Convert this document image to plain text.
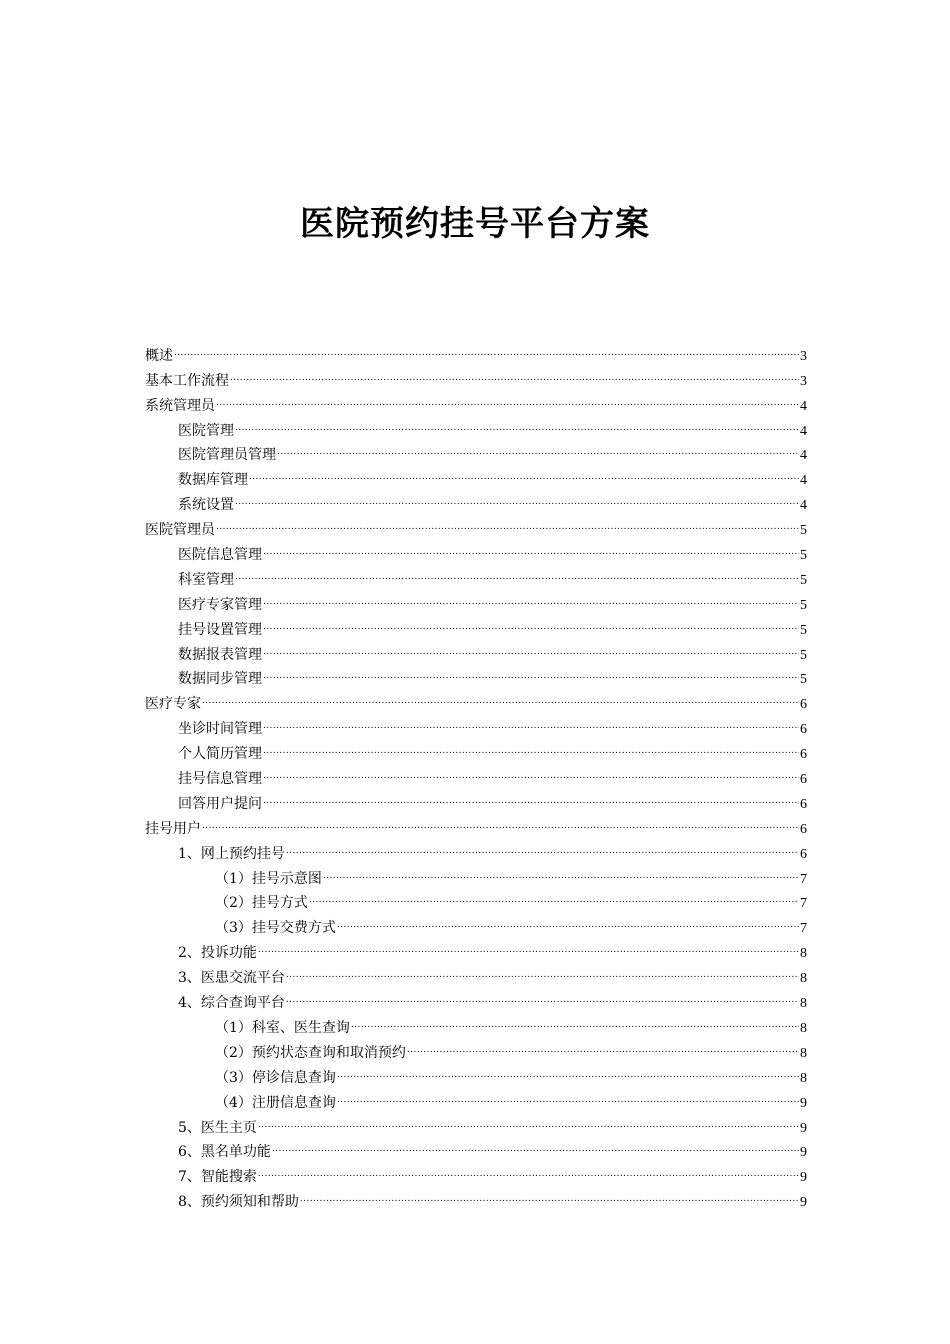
医院预约挂号平台方案
概述 .....	3
基本工作流程 .....	3
系统管理员 .....	4
医院管理 .....	4
医院管理员管理 .....	4
数据库管理 .....	4
系统设置 .....	4
医院管理员 .....	5
医院信息管理 .....	5
科室管理 .....	5
医疗专家管理 .....	5
挂号设置管理 .....	5
数据报表管理 .....	5
数据同步管理 .....	5
医疗专家 .....	6
坐诊时间管理 .....	6
个人简历管理 .....	6
挂号信息管理 .....	6
回答用户提问 .....	6
挂号用户 .....	6
1、网上预约挂号 .....	6
（1）挂号示意图 .....	7
（2）挂号方式 .....	7
（3）挂号交费方式 .....	7
2、投诉功能 .....	8
3、医患交流平台 .....	8
4、综合查询平台 .....	8
（1）科室、医生查询 .....	8
（2）预约状态查询和取消预约 .....	8
（3）停诊信息查询 .....	8
（4）注册信息查询 .....	9
5、医生主页 .....	9
6、黑名单功能 .....	9
7、智能搜索 .....	9
8、预约须知和帮助 .....	9
